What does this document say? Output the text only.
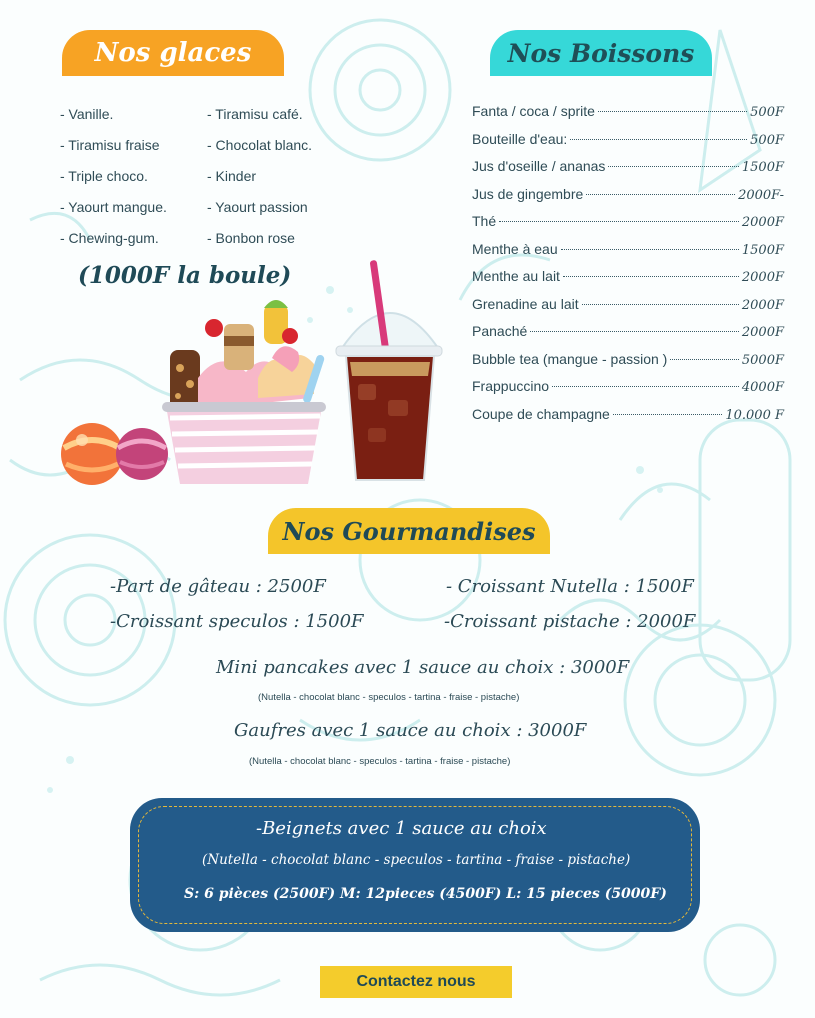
Nos glaces
- Vanille.
- Tiramisu fraise
- Triple choco.
- Yaourt mangue.
- Chewing-gum.
- Tiramisu café.
- Chocolat blanc.
- Kinder
- Yaourt passion
- Bonbon rose
(1000F la boule)
Nos Boissons
Fanta / coca / sprite	500F
Bouteille d'eau:	500F
Jus d'oseille / ananas	1500F
Jus de gingembre	2000F-
Thé	2000F
Menthe à eau	1500F
Menthe au lait	2000F
Grenadine au lait	2000F
Panaché	2000F
Bubble tea (mangue - passion )	5000F
Frappuccino	4000F
Coupe de champagne	10.000 F
Nos Gourmandises
-Part de gâteau : 2500F	- Croissant Nutella : 1500F
-Croissant speculos : 1500F	-Croissant pistache : 2000F
Mini pancakes avec 1 sauce au choix : 3000F
(Nutella - chocolat blanc - speculos - tartina - fraise - pistache)
Gaufres avec 1 sauce au choix : 3000F
(Nutella - chocolat blanc - speculos - tartina - fraise - pistache)
-Beignets avec 1 sauce au choix
(Nutella - chocolat blanc - speculos - tartina - fraise - pistache)
S: 6 pièces (2500F) M: 12pieces (4500F) L: 15 pieces (5000F)
Contactez nous
